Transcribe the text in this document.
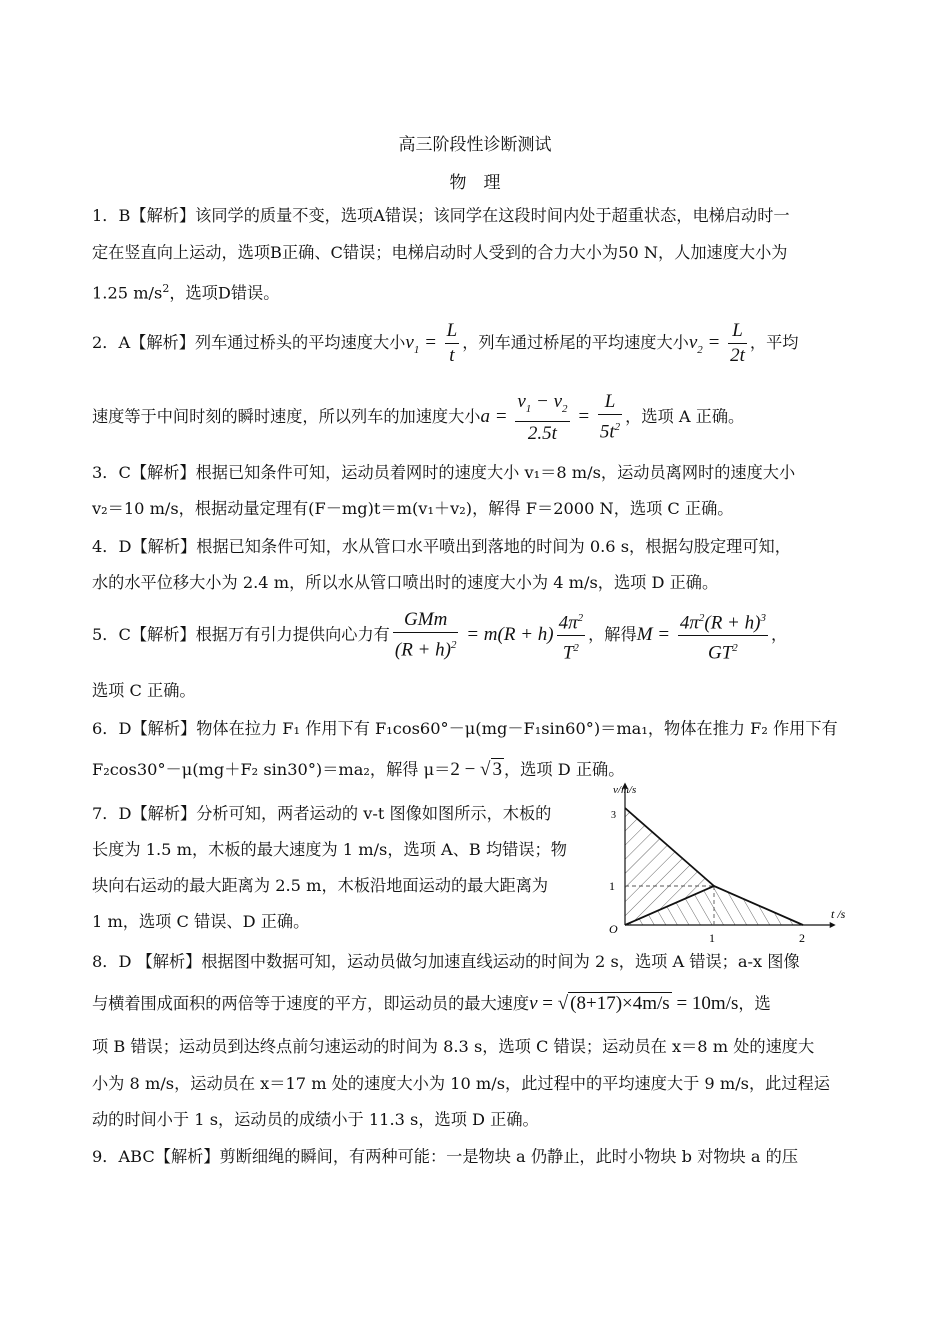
高三阶段性诊断测试
物　理

1．B【解析】该同学的质量不变，选项A错误；该同学在这段时间内处于超重状态，电梯启动时一

定在竖直向上运动，选项B正确、C错误；电梯启动时人受到的合力大小为50 N，人加速度大小为

1.25 $m/s^2$，选项D错误。

2．A【解析】列车通过桥头的平均速度大小$v_1 = \frac{L}{t}$ ，列车通过桥尾的平均速度大小$v_2 = \frac{L}{2t}$ ，平均

速度等于中间时刻的瞬时速度，所以列车的加速度大小$a = \frac{v_1 - v_2}{2.5t} = \frac{L}{5t^2}$ ，选项 A 正确。

3．C【解析】根据已知条件可知，运动员着网时的速度大小 v₁＝8 m/s，运动员离网时的速度大小

v₂＝10 m/s，根据动量定理有(F－mg)t＝m(v₁＋v₂)，解得 F＝2000 N，选项 C 正确。

4．D【解析】根据已知条件可知，水从管口水平喷出到落地的时间为 0.6 s，根据勾股定理可知，

水的水平位移大小为 2.4 m，所以水从管口喷出时的速度大小为 4 m/s，选项 D 正确。

5．C【解析】根据万有引力提供向心力有 $\frac{\text{GMm}}{(R + h)^2} = m(R + h) \frac{4\pi^2}{T^2}$ ，解得$M = \frac{4\pi^2(R + h)^3}{GT^2}$ ，

选项 C 正确。

6．D【解析】物体在拉力 F₁ 作用下有 F₁cos60°－μ(mg－F₁sin60°)＝ma₁，物体在推力 F₂ 作用下有

F₂cos30°－μ(mg＋F₂ sin30°)＝ma₂，解得 μ＝2 − √ 3 ，选项 D 正确。

7．D【解析】分析可知，两者运动的 v-t 图像如图所示，木板的

长度为 1.5 m，木板的最大速度为 1 m/s，选项 A、B 均错误；物

块向右运动的最大距离为 2.5 m，木板沿地面运动的最大距离为

1 m，选项 C 错误、D 正确。

v/m/s
t /s
O
3
1
1	2

8．D 【解析】根据图中数据可知，运动员做匀加速直线运动的时间为 2 s，选项 A 错误；a-x 图像

与横着围成面积的两倍等于速度的平方，即运动员的最大速度v = √ (8+17)×4m/s = 10m/s，选

项 B 错误；运动员到达终点前匀速运动的时间为 8.3 s，选项 C 错误；运动员在 x＝8 m 处的速度大

小为 8 m/s，运动员在 x＝17 m 处的速度大小为 10 m/s，此过程中的平均速度大于 9 m/s，此过程运

动的时间小于 1 s，运动员的成绩小于 11.3 s，选项 D 正确。

9．ABC【解析】剪断细绳的瞬间，有两种可能：一是物块 a 仍静止，此时小物块 b 对物块 a 的压
